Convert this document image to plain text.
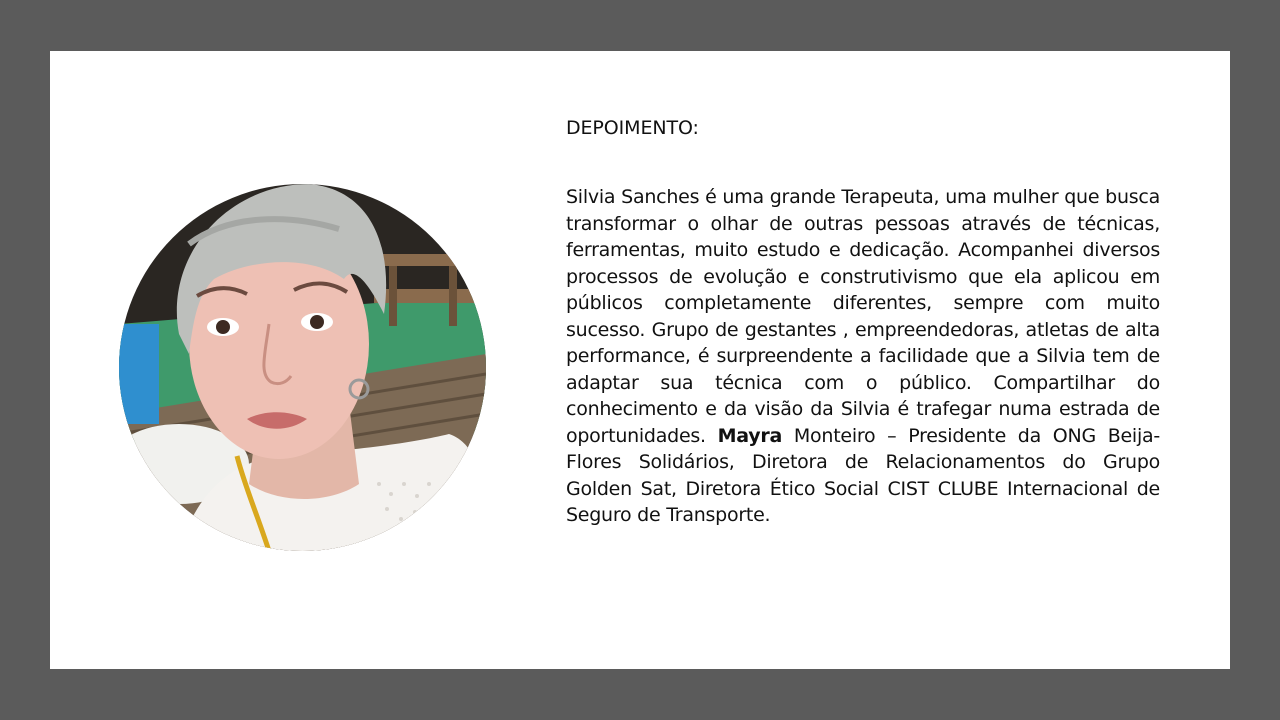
DEPOIMENTO:

Silvia Sanches é uma grande Terapeuta, uma mulher que busca transformar o olhar de outras pessoas através de técnicas, ferramentas, muito estudo e dedicação. Acompanhei diversos processos de evolução e construtivismo que ela aplicou em públicos completamente diferentes, sempre com muito sucesso. Grupo de gestantes , empreendedoras, atletas de alta performance, é surpreendente a facilidade que a Silvia tem de adaptar sua técnica com o público. Compartilhar do conhecimento e da visão da Silvia é trafegar numa estrada de oportunidades. Mayra Monteiro – Presidente da ONG Beija-Flores Solidários, Diretora de Relacionamentos do Grupo Golden Sat, Diretora Ético Social CIST CLUBE Internacional de Seguro de Transporte.
